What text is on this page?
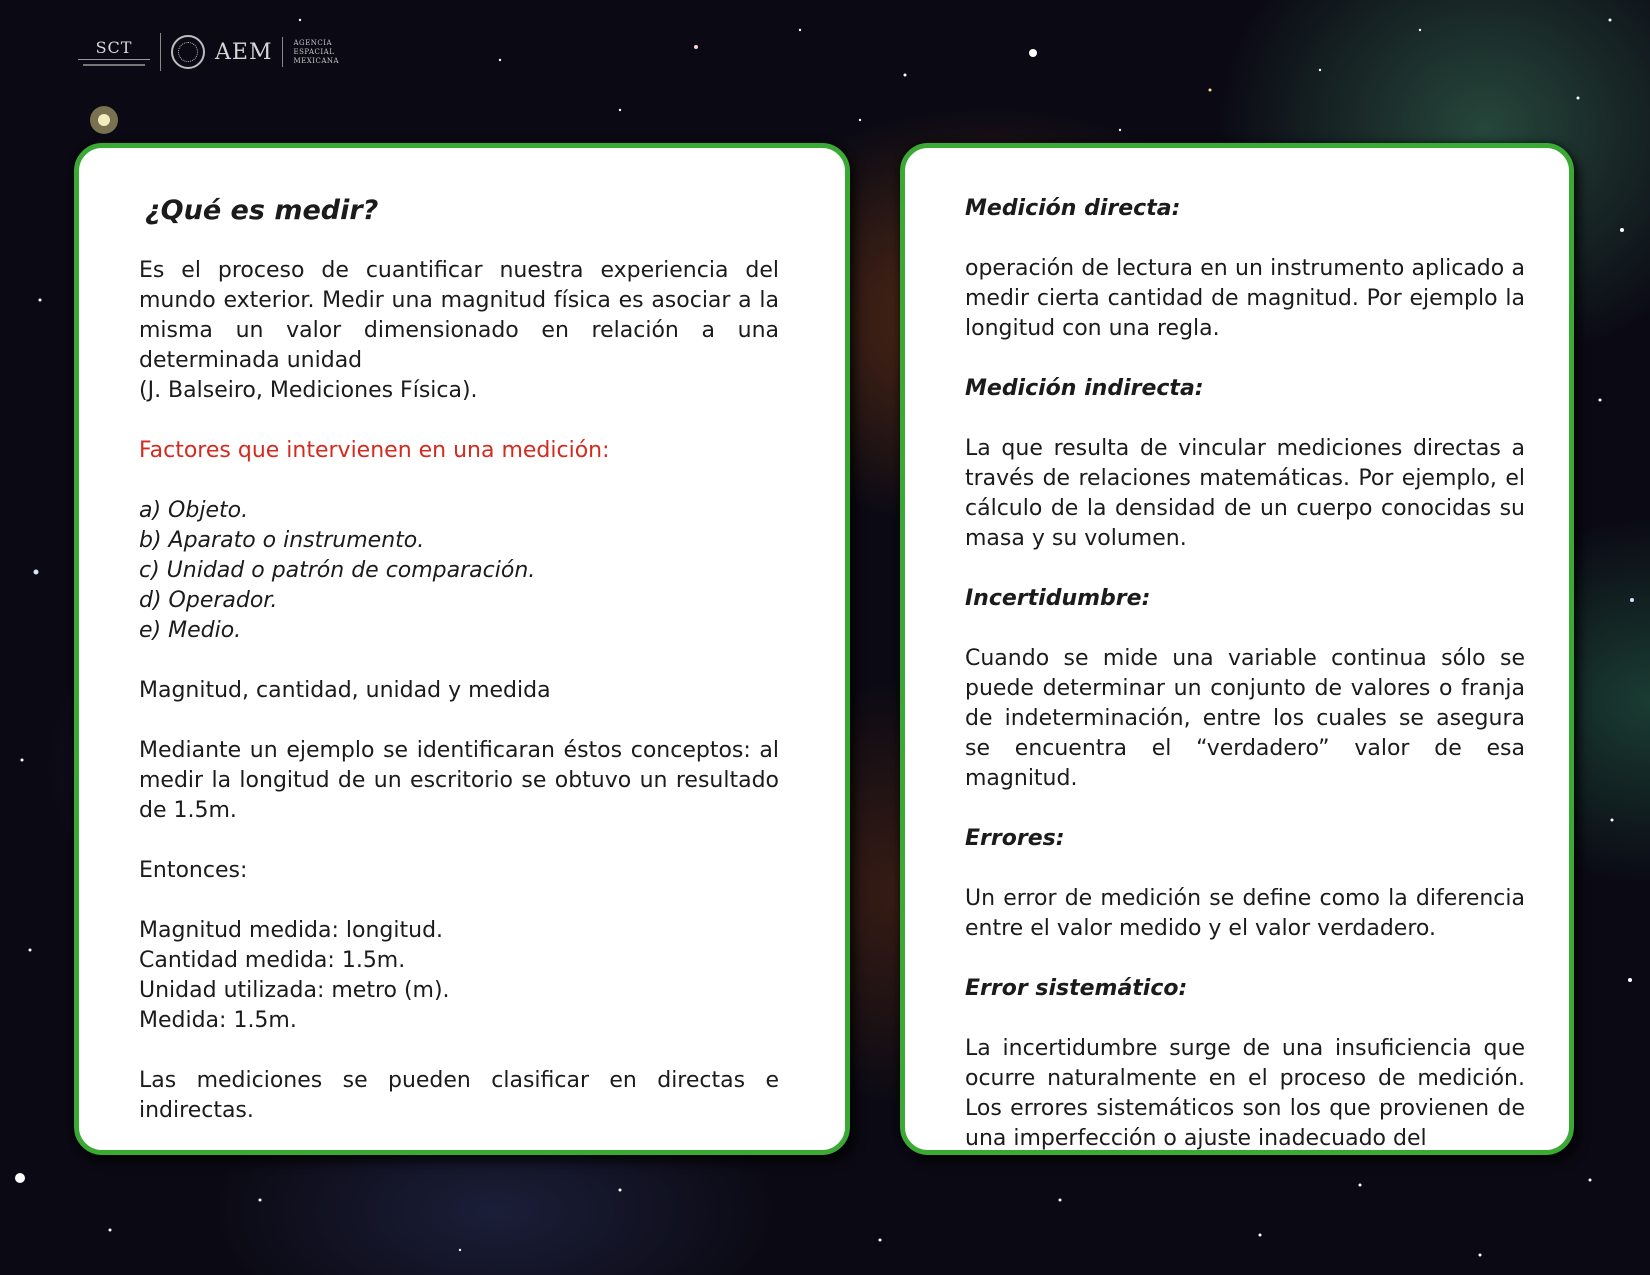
SCT	AEM	AGENCIA
ESPACIAL
MEXICANA

¿Qué es medir?

Es el proceso de cuantificar nuestra experiencia del mundo exterior. Medir una magnitud física es asociar a la misma un valor dimensionado en relación a una determinada unidad

(J. Balseiro, Mediciones Física).

Factores que intervienen en una medición:

a) Objeto.

b) Aparato o instrumento.

c) Unidad o patrón de comparación.

d) Operador.

e) Medio.

Magnitud, cantidad, unidad y medida

Mediante un ejemplo se identificaran éstos conceptos: al medir la longitud de un escritorio se obtuvo un resultado de 1.5m.

Entonces:

Magnitud medida: longitud.

Cantidad medida: 1.5m.

Unidad utilizada: metro (m).

Medida: 1.5m.

Las mediciones se pueden clasificar en directas e indirectas.

Medición directa:

operación de lectura en un instrumento aplicado a medir cierta cantidad de magnitud. Por ejemplo la longitud con una regla.

Medición indirecta:

La que resulta de vincular mediciones directas a través de relaciones matemáticas. Por ejemplo, el cálculo de la densidad de un cuerpo conocidas su masa y su volumen.

Incertidumbre:

Cuando se mide una variable continua sólo se puede determinar un conjunto de valores o franja de indeterminación, entre los cuales se asegura se encuentra el “verdadero” valor de esa magnitud.

Errores:

Un error de medición se define como la diferencia entre el valor medido y el valor verdadero.

Error sistemático:

La incertidumbre surge de una insuficiencia que ocurre naturalmente en el proceso de medición. Los errores sistemáticos son los que provienen de una imperfección o ajuste inadecuado del
